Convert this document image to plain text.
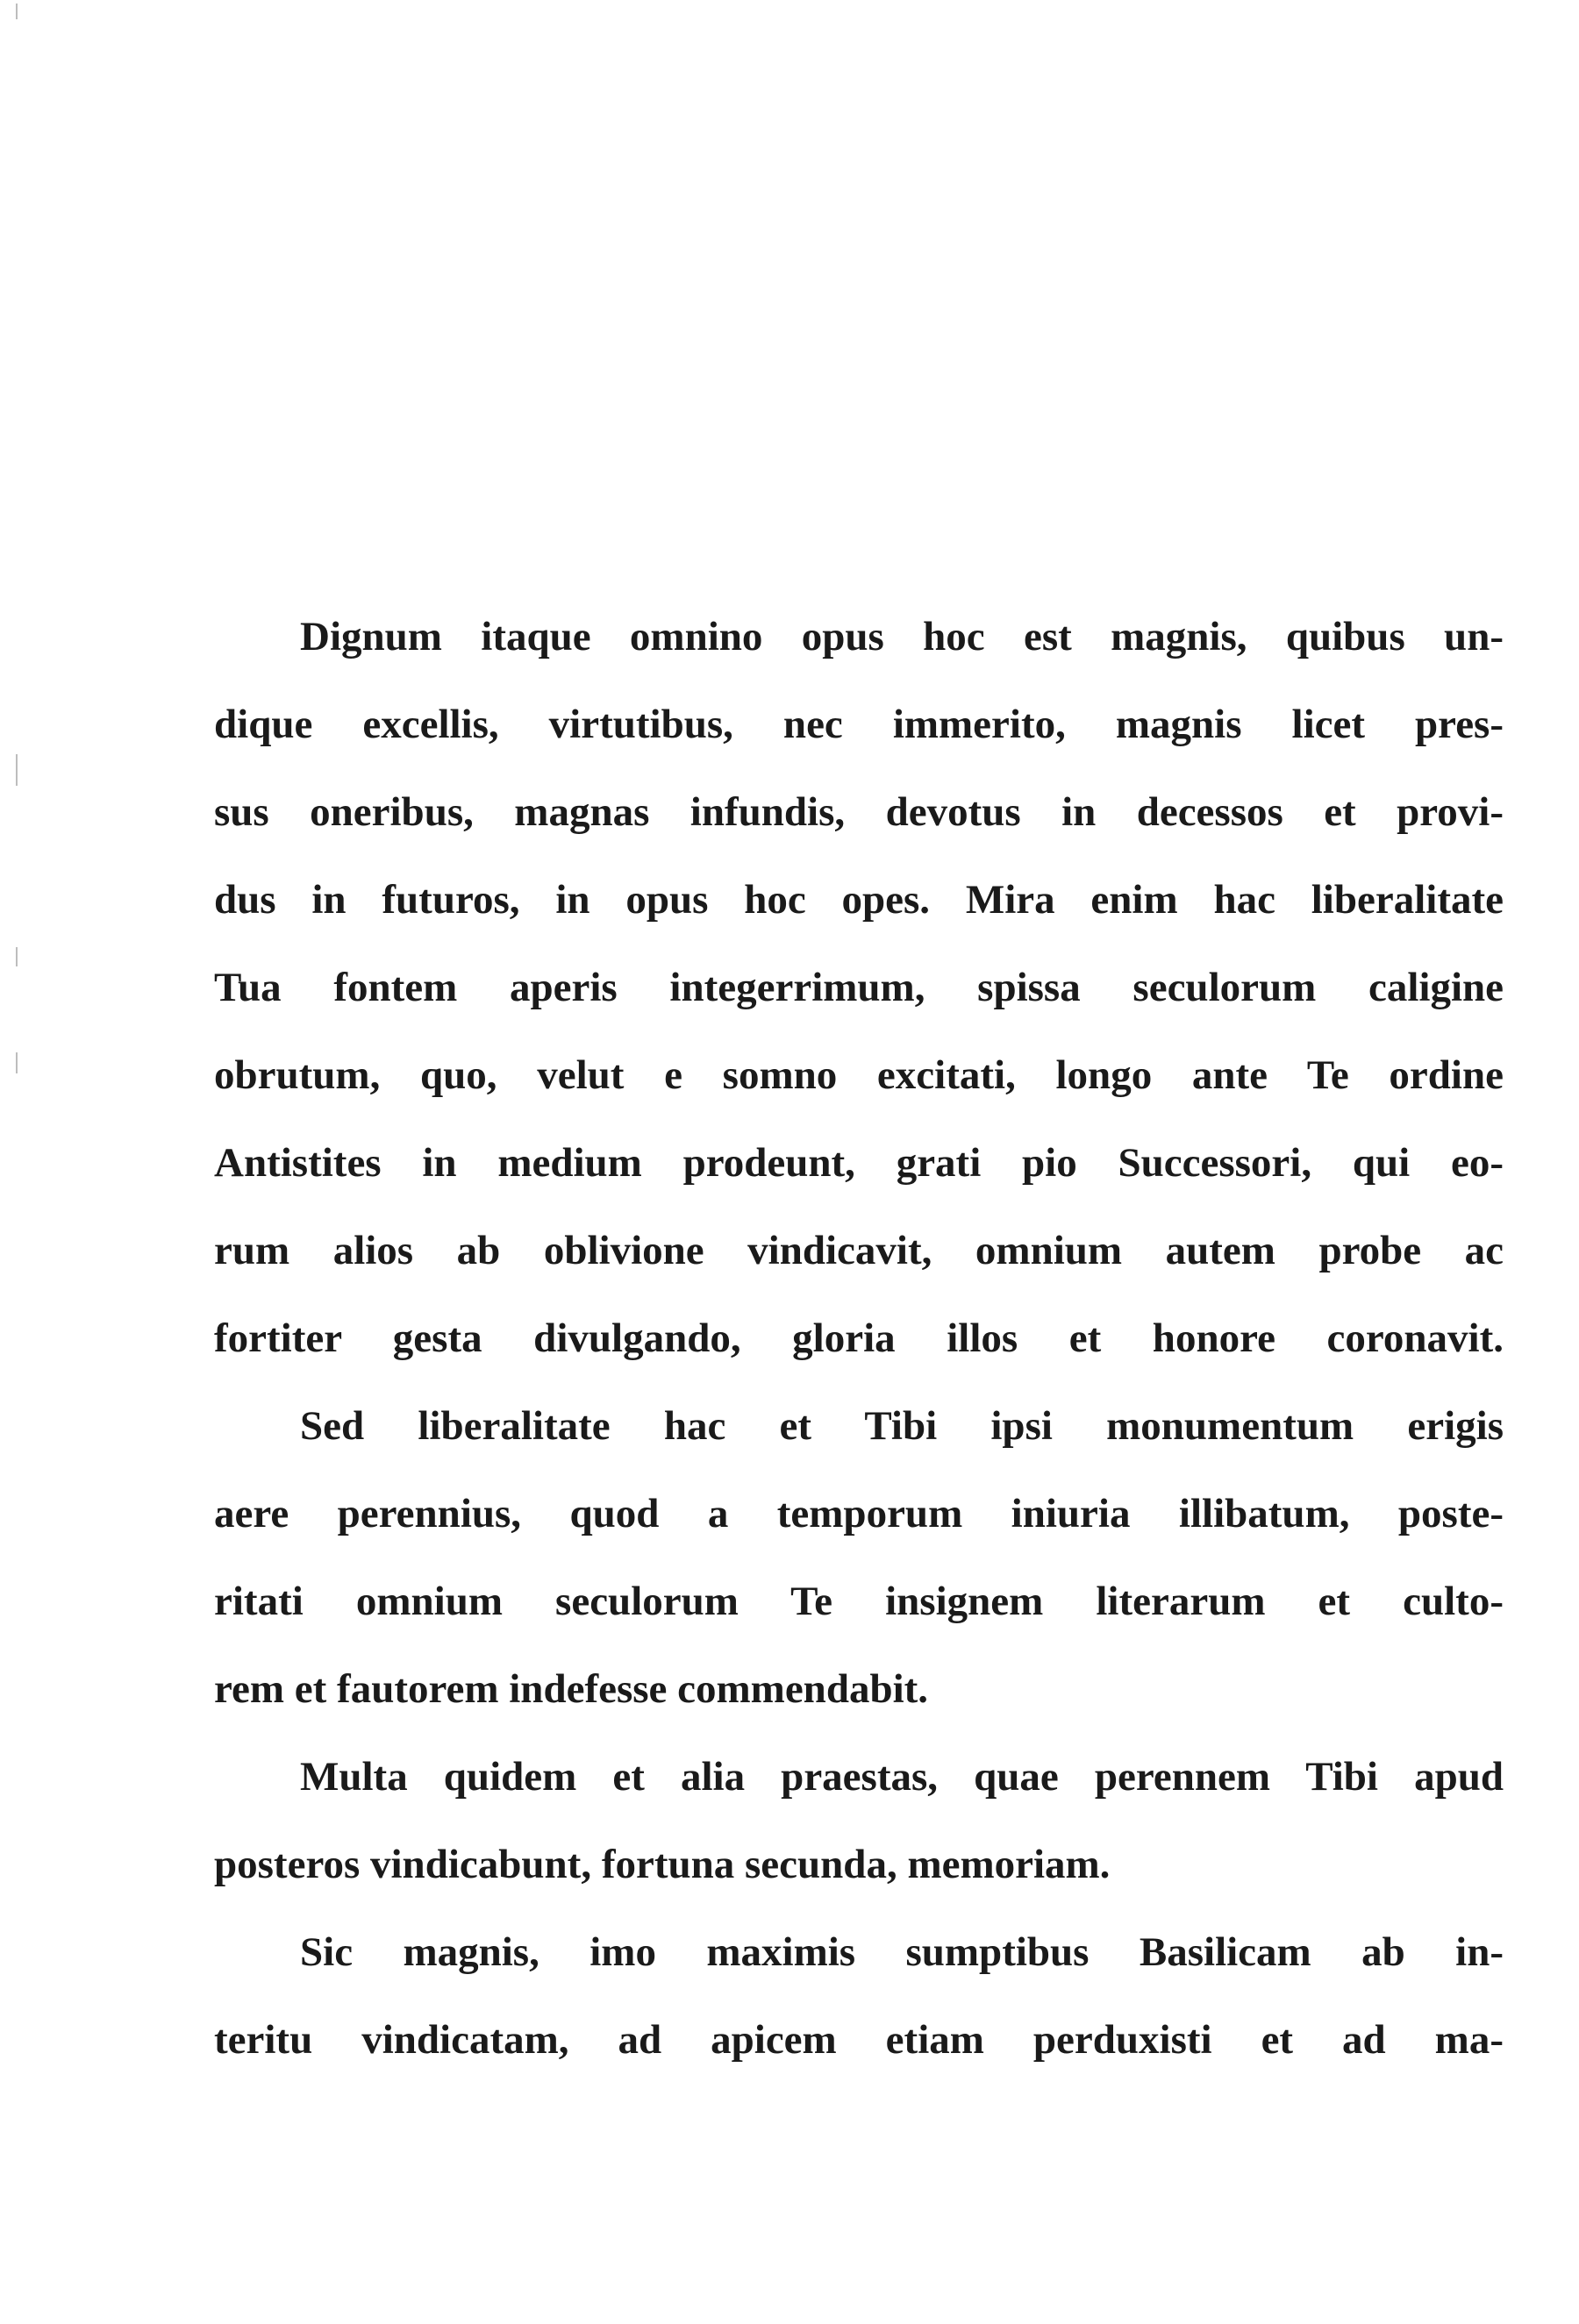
Dignum itaque omnino opus hoc est magnis, quibus un-
dique excellis, virtutibus, nec immerito, magnis licet pres-
sus oneribus, magnas infundis, devotus in decessos et provi-
dus in futuros, in opus hoc opes. Mira enim hac liberalitate
Tua fontem aperis integerrimum, spissa seculorum caligine
obrutum, quo, velut e somno excitati, longo ante Te ordine
Antistites in medium prodeunt, grati pio Successori, qui eo-
rum alios ab oblivione vindicavit, omnium autem probe ac
fortiter gesta divulgando, gloria illos et honore coronavit.
Sed liberalitate hac et Tibi ipsi monumentum erigis
aere perennius, quod a temporum iniuria illibatum, poste-
ritati omnium seculorum Te insignem literarum et culto-
rem et fautorem indefesse commendabit.
Multa quidem et alia praestas, quae perennem Tibi apud
posteros vindicabunt, fortuna secunda, memoriam.
Sic magnis, imo maximis sumptibus Basilicam ab in-
teritu vindicatam, ad apicem etiam perduxisti et ad ma-
